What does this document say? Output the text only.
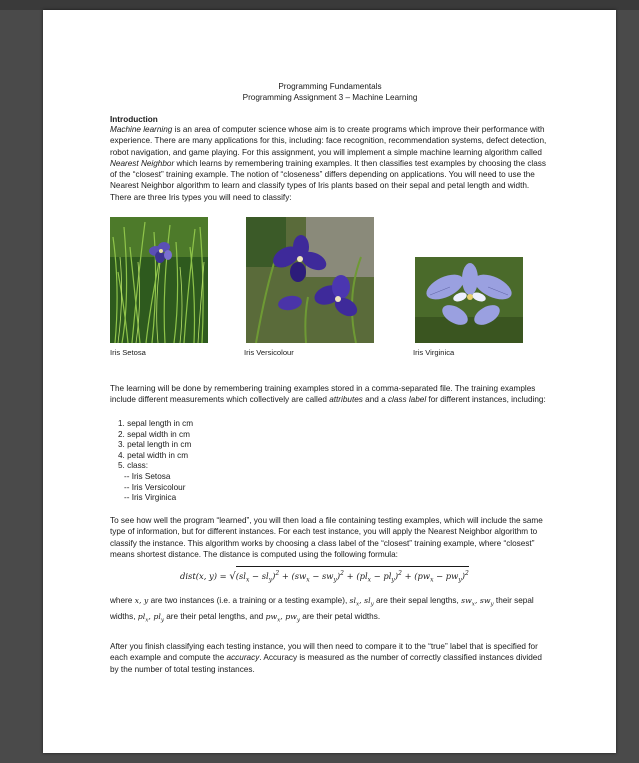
Programming Fundamentals
Programming Assignment 3 – Machine Learning
Introduction

Machine learning is an area of computer science whose aim is to create programs which improve their performance with experience. There are many applications for this, including: face recognition, recommendation systems, defect detection, robot navigation, and game playing. For this assignment, you will implement a simple machine learning algorithm called Nearest Neighbor which learns by remembering training examples. It then classifies test examples by choosing the class of the “closest” training example. The notion of “closeness” differs depending on applications. You will need to use the Nearest Neighbor algorithm to learn and classify types of Iris plants based on their sepal and petal length and width. There are three Iris types you will need to classify:

Iris Setosa	Iris Versicolour	Iris Virginica

The learning will be done by remembering training examples stored in a comma-separated file. The training examples include different measurements which collectively are called attributes and a class label for different instances, including:

1. sepal length in cm
2. sepal width in cm
3. petal length in cm
4. petal width in cm
5. class:
-- Iris Setosa
-- Iris Versicolour
-- Iris Virginica

To see how well the program “learned”, you will then load a file containing testing examples, which will include the same type of information, but for different instances. For each test instance, you will apply the Nearest Neighbor algorithm to classify the instance. This algorithm works by choosing a class label of the “closest” training example, where “closest” means shortest distance. The distance is computed using the following formula:

dist(x, $y) = √(sl_x - sl_y)^2 + (sw_x - sw_y)^2 + (pl_x - pl_y)^2 + (pw_x - pw_y)^2$

where x, y are two instances (i.e. a training or a testing example), $sl_x$, $sl_y$ are their sepal lengths, $sw_x$, $sw_y$ their sepal widths, $pl_x$, $pl_y$ are their petal lengths, and $pw_x$, $pw_y$ are their petal widths.

After you finish classifying each testing instance, you will then need to compare it to the “true” label that is specified for each example and compute the accuracy. Accuracy is measured as the number of correctly classified instances divided by the number of total testing instances.
